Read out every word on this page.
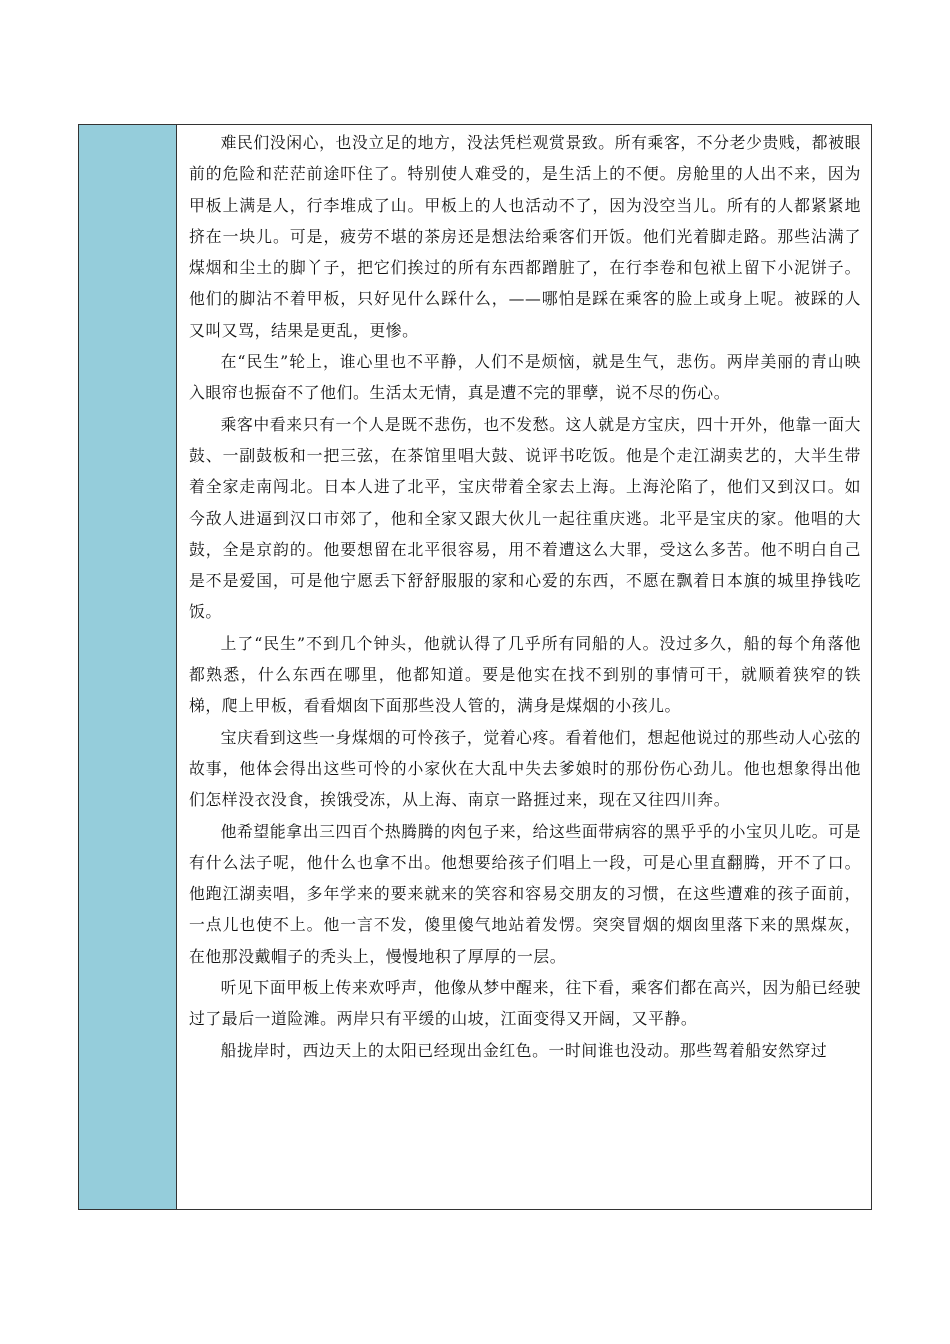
难民们没闲心，也没立足的地方，没法凭栏观赏景致。所有乘客，不分老少贵贱，都被眼前的危险和茫茫前途吓住了。特别使人难受的，是生活上的不便。房舱里的人出不来，因为甲板上满是人，行李堆成了山。甲板上的人也活动不了，因为没空当儿。所有的人都紧紧地挤在一块儿。可是，疲劳不堪的茶房还是想法给乘客们开饭。他们光着脚走路。那些沾满了煤烟和尘土的脚丫子，把它们挨过的所有东西都蹭脏了，在行李卷和包袱上留下小泥饼子。他们的脚沾不着甲板，只好见什么踩什么，——哪怕是踩在乘客的脸上或身上呢。被踩的人又叫又骂，结果是更乱，更惨。

在“民生”轮上，谁心里也不平静，人们不是烦恼，就是生气，悲伤。两岸美丽的青山映入眼帘也振奋不了他们。生活太无情，真是遭不完的罪孽，说不尽的伤心。

乘客中看来只有一个人是既不悲伤，也不发愁。这人就是方宝庆，四十开外，他靠一面大鼓、一副鼓板和一把三弦，在茶馆里唱大鼓、说评书吃饭。他是个走江湖卖艺的，大半生带着全家走南闯北。日本人进了北平，宝庆带着全家去上海。上海沦陷了，他们又到汉口。如今敌人进逼到汉口市郊了，他和全家又跟大伙儿一起往重庆逃。北平是宝庆的家。他唱的大鼓，全是京韵的。他要想留在北平很容易，用不着遭这么大罪，受这么多苦。他不明白自己是不是爱国，可是他宁愿丢下舒舒服服的家和心爱的东西，不愿在飘着日本旗的城里挣钱吃饭。

上了“民生”不到几个钟头，他就认得了几乎所有同船的人。没过多久，船的每个角落他都熟悉，什么东西在哪里，他都知道。要是他实在找不到别的事情可干，就顺着狭窄的铁梯，爬上甲板，看看烟囱下面那些没人管的，满身是煤烟的小孩儿。

宝庆看到这些一身煤烟的可怜孩子，觉着心疼。看着他们，想起他说过的那些动人心弦的故事，他体会得出这些可怜的小家伙在大乱中失去爹娘时的那份伤心劲儿。他也想象得出他们怎样没衣没食，挨饿受冻，从上海、南京一路捱过来，现在又往四川奔。

他希望能拿出三四百个热腾腾的肉包子来，给这些面带病容的黑乎乎的小宝贝儿吃。可是有什么法子呢，他什么也拿不出。他想要给孩子们唱上一段，可是心里直翻腾，开不了口。他跑江湖卖唱，多年学来的要来就来的笑容和容易交朋友的习惯，在这些遭难的孩子面前，一点儿也使不上。他一言不发，傻里傻气地站着发愣。突突冒烟的烟囱里落下来的黑煤灰，在他那没戴帽子的秃头上，慢慢地积了厚厚的一层。

听见下面甲板上传来欢呼声，他像从梦中醒来，往下看，乘客们都在高兴，因为船已经驶过了最后一道险滩。两岸只有平缓的山坡，江面变得又开阔，又平静。

船拢岸时，西边天上的太阳已经现出金红色。一时间谁也没动。那些驾着船安然穿过
